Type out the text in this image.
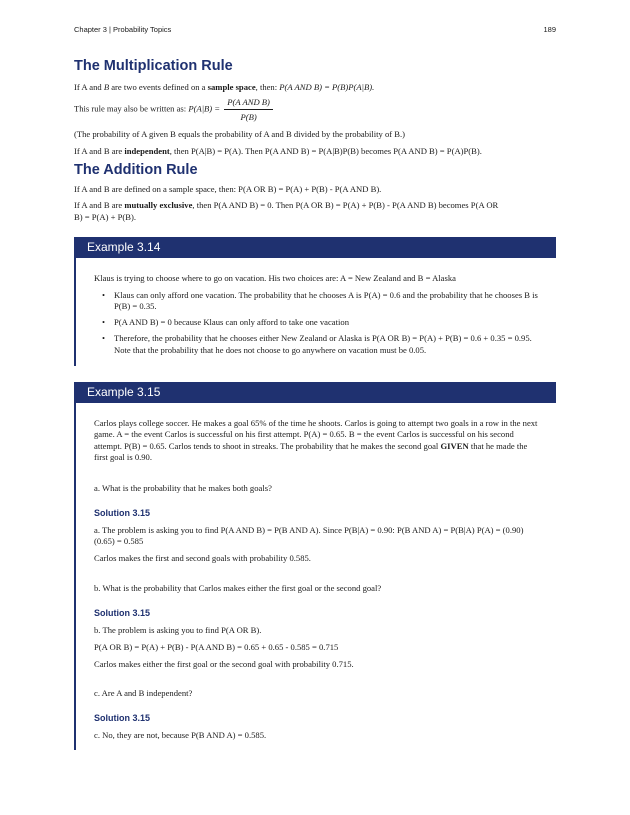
Chapter 3 | Probability Topics	189
The Multiplication Rule

If A and B are two events defined on a sample space, then: P(A AND B) = P(B)P(A|B).

This rule may also be written as: $P(A|B) = \frac{\text{P(A AND B)}}{P(B)}$

(The probability of A given B equals the probability of A and B divided by the probability of B.)

If A and B are independent, then P(A|B) = P(A). Then P(A AND B) = P(A|B)P(B) becomes P(A AND B) = P(A)P(B).

The Addition Rule

If A and B are defined on a sample space, then: P(A OR B) = P(A) + P(B) - P(A AND B).

If A and B are mutually exclusive, then P(A AND B) = 0. Then P(A OR B) = P(A) + P(B) - P(A AND B) becomes P(A OR
B) = P(A) + P(B).

Example 3.14

Klaus is trying to choose where to go on vacation. His two choices are: A = New Zealand and B = Alaska

• Klaus can only afford one vacation. The probability that he chooses A is P(A) = 0.6 and the probability that he chooses B is P(B) = 0.35.
• P(A AND B) = 0 because Klaus can only afford to take one vacation
• Therefore, the probability that he chooses either New Zealand or Alaska is P(A OR B) = P(A) + P(B) = 0.6 + 0.35 = 0.95. Note that the probability that he does not choose to go anywhere on vacation must be 0.05.
Example 3.15

Carlos plays college soccer. He makes a goal 65% of the time he shoots. Carlos is going to attempt two goals in a row in the next game. A = the event Carlos is successful on his first attempt. P(A) = 0.65. B = the event Carlos is successful on his second attempt. P(B) = 0.65. Carlos tends to shoot in streaks. The probability that he makes the second goal GIVEN that he made the first goal is 0.90.

a. What is the probability that he makes both goals?

Solution 3.15

a. The problem is asking you to find P(A AND B) = P(B AND A). Since P(B|A) = 0.90: P(B AND A) = P(B|A) P(A) = (0.90)(0.65) = 0.585

Carlos makes the first and second goals with probability 0.585.

b. What is the probability that Carlos makes either the first goal or the second goal?

Solution 3.15

b. The problem is asking you to find P(A OR B).

P(A OR B) = P(A) + P(B) - P(A AND B) = 0.65 + 0.65 - 0.585 = 0.715

Carlos makes either the first goal or the second goal with probability 0.715.

c. Are A and B independent?

Solution 3.15

c. No, they are not, because P(B AND A) = 0.585.
